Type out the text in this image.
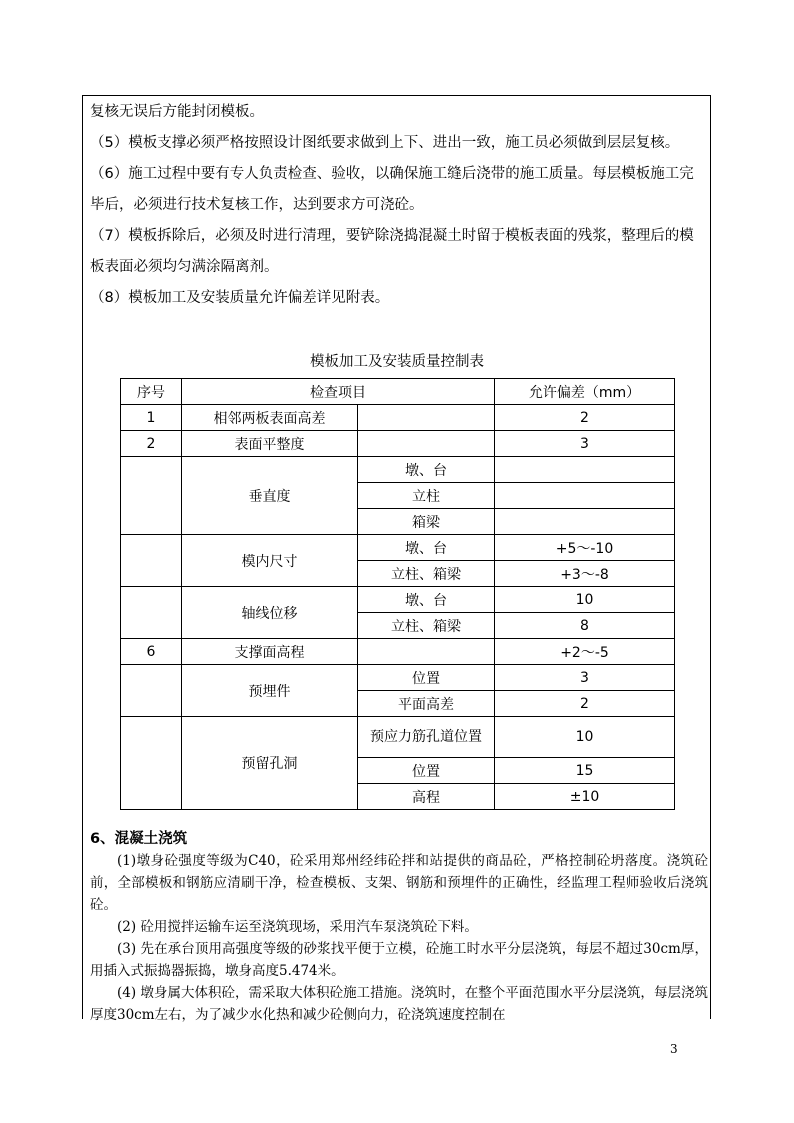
复核无误后方能封闭模板。
（5）模板支撑必须严格按照设计图纸要求做到上下、进出一致，施工员必须做到层层复核。
（6）施工过程中要有专人负责检查、验收，以确保施工缝后浇带的施工质量。每层模板施工完毕后，必须进行技术复核工作，达到要求方可浇砼。
（7）模板拆除后，必须及时进行清理，要铲除浇捣混凝土时留于模板表面的残浆，整理后的模板表面必须均匀满涂隔离剂。
（8）模板加工及安装质量允许偏差详见附表。
模板加工及安装质量控制表
序号	检查项目		允许偏差（mm）
1	相邻两板表面高差		2
2	表面平整度		3
	垂直度	墩、台	
		立柱	
		箱梁	
	模内尺寸	墩、台	+5～-10
		立柱、箱梁	+3～-8
	轴线位移	墩、台	10
		立柱、箱梁	8
6	支撑面高程		+2～-5
	预埋件	位置	3
		平面高差	2
	预留孔洞	预应力筋孔道位置	10
		位置	15
		高程	±10
6、混凝土浇筑

(1)墩身砼强度等级为C40，砼采用郑州经纬砼拌和站提供的商品砼，严格控制砼坍落度。浇筑砼前，全部模板和钢筋应清刷干净，检查模板、支架、钢筋和预埋件的正确性，经监理工程师验收后浇筑砼。

(2) 砼用搅拌运输车运至浇筑现场，采用汽车泵浇筑砼下料。

(3) 先在承台顶用高强度等级的砂浆找平便于立模，砼施工时水平分层浇筑，每层不超过30cm厚，用插入式振捣器振捣，墩身高度5.474米。

(4) 墩身属大体积砼，需采取大体积砼施工措施。浇筑时，在整个平面范围水平分层浇筑，每层浇筑厚度30cm左右，为了减少水化热和减少砼侧向力，砼浇筑速度控制在

3
